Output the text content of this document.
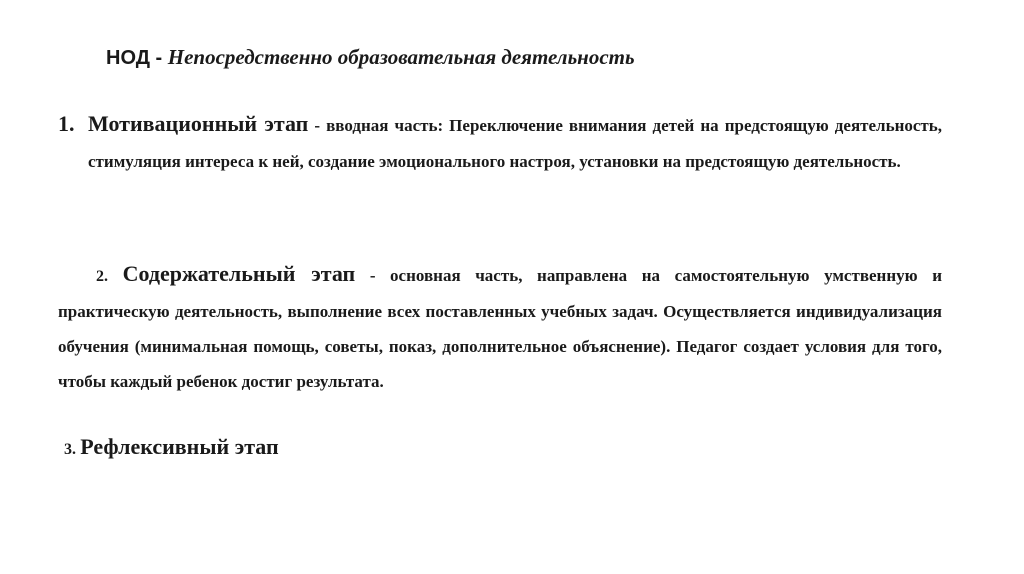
НОД - Непосредственно образовательная деятельность
1. Мотивационный этап - вводная часть: Переключение внимания детей на предстоящую деятельность, стимуляция интереса к ней, создание эмоционального настроя, установки на предстоящую деятельность.
2. Содержательный этап - основная часть, направлена на самостоятельную умственную и практическую деятельность, выполнение всех поставленных учебных задач. Осуществляется индивидуализация обучения (минимальная помощь, советы, показ, дополнительное объяснение). Педагог создает условия для того, чтобы каждый ребенок достиг результата.
3. Рефлексивный этап
